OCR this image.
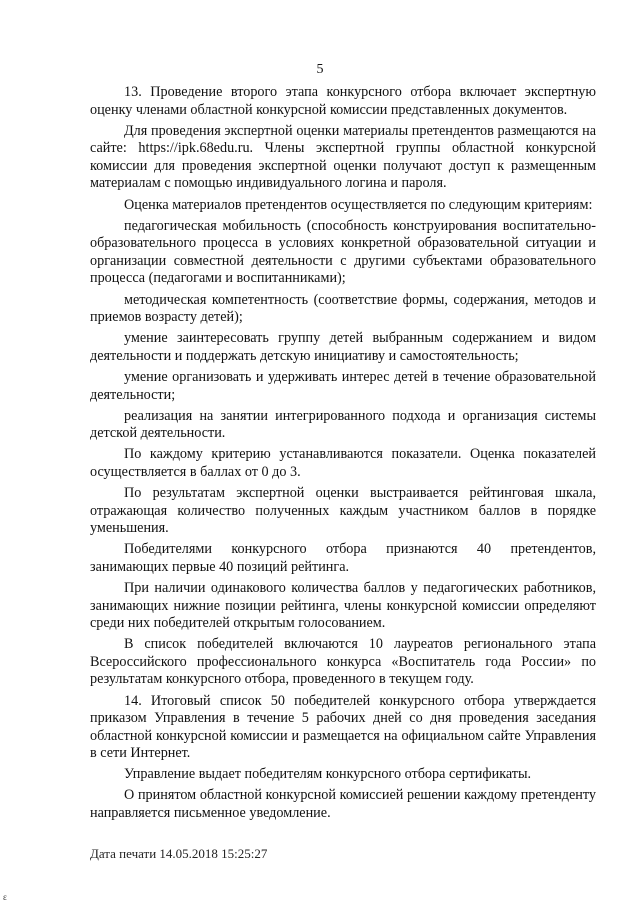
5

13. Проведение второго этапа конкурсного отбора включает экспертную оценку членами областной конкурсной комиссии представленных документов.

Для проведения экспертной оценки материалы претендентов размещаются на сайте: https://ipk.68edu.ru. Члены экспертной группы областной конкурсной комиссии для проведения экспертной оценки получают доступ к размещенным материалам с помощью индивидуального логина и пароля.

Оценка материалов претендентов осуществляется по следующим критериям:

педагогическая мобильность (способность конструирования воспитательно-образовательного процесса в условиях конкретной образовательной ситуации и организации совместной деятельности с другими субъектами образовательного процесса (педагогами и воспитанниками);

методическая компетентность (соответствие формы, содержания, методов и приемов возрасту детей);

умение заинтересовать группу детей выбранным содержанием и видом деятельности и поддержать детскую инициативу и самостоятельность;

умение организовать и удерживать интерес детей в течение образовательной деятельности;

реализация на занятии интегрированного подхода и организация системы детской деятельности.

По каждому критерию устанавливаются показатели. Оценка показателей осуществляется в баллах от 0 до 3.

По результатам экспертной оценки выстраивается рейтинговая шкала, отражающая количество полученных каждым участником баллов в порядке уменьшения.

Победителями конкурсного отбора признаются 40 претендентов, занимающих первые 40 позиций рейтинга.

При наличии одинакового количества баллов у педагогических работников, занимающих нижние позиции рейтинга, члены конкурсной комиссии определяют среди них победителей открытым голосованием.

В список победителей включаются 10 лауреатов регионального этапа Всероссийского профессионального конкурса «Воспитатель года России» по результатам конкурсного отбора, проведенного в текущем году.

14. Итоговый список 50 победителей конкурсного отбора утверждается приказом Управления в течение 5 рабочих дней со дня проведения заседания областной конкурсной комиссии и размещается на официальном сайте Управления в сети Интернет.

Управление выдает победителям конкурсного отбора сертификаты.

О принятом областной конкурсной комиссией решении каждому претенденту направляется письменное уведомление.

Дата печати 14.05.2018 15:25:27
ε
